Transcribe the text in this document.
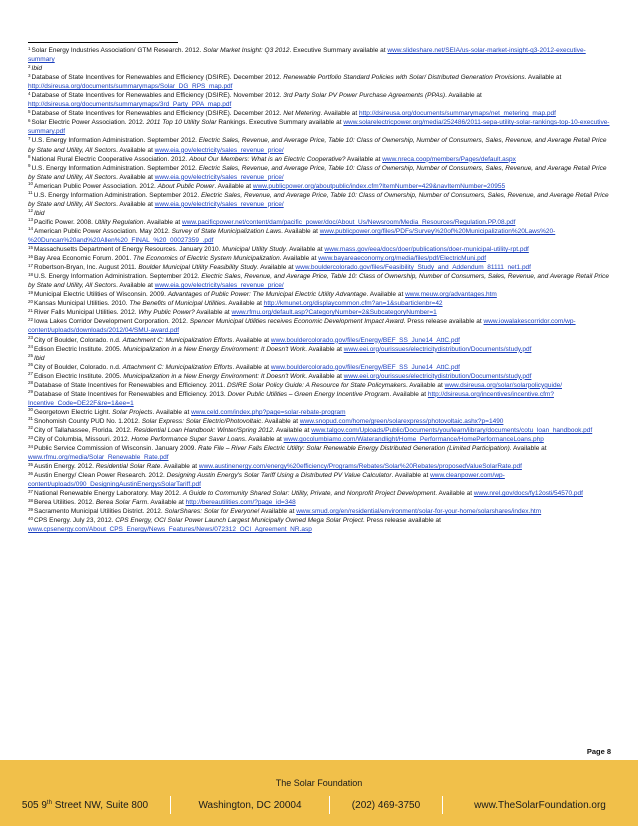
$^1$Solar Energy Industries Association/ GTM Research. 2012. Solar Market Insight: Q3 2012. Executive Summary available at www.slideshare.net/SEIA/us-solar-market-insight-q3-2012-executive-summary

$^2$Ibid

$^3$Database of State Incentives for Renewables and Efficiency (DSIRE). December 2012. Renewable Portfolio Standard Policies with Solar/ Distributed Generation Provisions. Available at http://dsireusa.org/documents/summarymaps/Solar_DG_RPS_map.pdf

$^4$Database of State Incentives for Renewables and Efficiency (DSIRE). November 2012. 3rd Party Solar PV Power Purchase Agreements (PPAs). Available at http://dsireusa.org/documents/summarymaps/3rd_Party_PPA_map.pdf

$^5$Database of State Incentives for Renewables and Efficiency (DSIRE). December 2012. Net Metering. Available at http://dsireusa.org/documents/summarymaps/net_metering_map.pdf

$^6$Solar Electric Power Association. 2012. 2011 Top 10 Utility Solar Rankings. Executive Summary available at www.solarelectricpower.org/media/252486/2011-sepa-utility-solar-rankings-top-10-executive-summary.pdf

$^7$U.S. Energy Information Administration. September 2012. Electric Sales, Revenue, and Average Price, Table 10: Class of Ownership, Number of Consumers, Sales, Revenue, and Average Retail Price by State and Utility, All Sectors. Available at www.eia.gov/electricity/sales_revenue_price/

$^8$National Rural Electric Cooperative Association. 2012. About Our Members: What is an Electric Cooperative? Available at www.nreca.coop/members/Pages/default.aspx

$^9$U.S. Energy Information Administration. September 2012. Electric Sales, Revenue, and Average Price, Table 10: Class of Ownership, Number of Consumers, Sales, Revenue, and Average Retail Price by State and Utility, All Sectors. Available at www.eia.gov/electricity/sales_revenue_price/

$^{10}$American Public Power Association. 2012. About Public Power. Available at www.publicpower.org/aboutpublic/index.cfm?ItemNumber=429&navItemNumber=20955

$^{11}$U.S. Energy Information Administration. September 2012. Electric Sales, Revenue, and Average Price, Table 10: Class of Ownership, Number of Consumers, Sales, Revenue, and Average Retail Price by State and Utility, All Sectors. Available at www.eia.gov/electricity/sales_revenue_price/

$^{12}$Ibid

$^{13}$Pacific Power. 2008. Utility Regulation. Available at www.pacificpower.net/content/dam/pacific_power/doc/About_Us/Newsroom/Media_Resources/Regulation.PP.08.pdf

$^{14}$American Public Power Association. May 2012. Survey of State Municipalization Laws. Available at www.publicpower.org/files/PDFs/Survey%20of%20Municipalization%20Laws%20-%20Duncan%20and%20Allen%20_FINAL_%20_00027359_.pdf

$^{15}$Massachusetts Department of Energy Resources. January 2010. Municipal Utility Study. Available at www.mass.gov/eea/docs/doer/publications/doer-municipal-utility-rpt.pdf

$^{16}$Bay Area Economic Forum. 2001. The Economics of Electric System Municipalization. Available at www.bayareaeconomy.org/media/files/pdf/ElectricMuni.pdf

$^{17}$Robertson-Bryan, Inc. August 2011. Boulder Municipal Utility Feasibility Study. Available at www.bouldercolorado.gov/files/Feasibility_Study_and_Addendum_81111_net1.pdf

$^{18}$U.S. Energy Information Administration. September 2012. Electric Sales, Revenue, and Average Price, Table 10: Class of Ownership, Number of Consumers, Sales, Revenue, and Average Retail Price by State and Utility, All Sectors. Available at www.eia.gov/electricity/sales_revenue_price/

$^{19}$Municipal Electric Utilities of Wisconsin. 2009. Advantages of Public Power: The Municipal Electric Utility Advantage. Available at www.meuw.org/advantages.htm

$^{20}$Kansas Municipal Utilities. 2010. The Benefits of Municipal Utilities. Available at http://kmunet.org/displaycommon.cfm?an=1&subarticlenbr=42

$^{21}$River Falls Municipal Utilities. 2012. Why Public Power? Available at www.rfmu.org/default.asp?CategoryNumber=2&SubcategoryNumber=1

$^{22}$Iowa Lakes Corridor Development Corporation. 2012. Spencer Municipal Utilities receives Economic Development Impact Award. Press release available at www.iowalakescorridor.com/wp-content/uploads/downloads/2012/04/SMU-award.pdf

$^{23}$City of Boulder, Colorado. n.d. Attachment C: Municipalization Efforts. Available at www.bouldercolorado.gov/files/Energy/BEF_SS_June14_AttC.pdf

$^{24}$Edison Electric Institute. 2005. Municipalization in a New Energy Environment: It Doesn't Work. Available at www.eei.org/ourissues/electricitydistribution/Documents/study.pdf

$^{25}$Ibid

$^{26}$City of Boulder, Colorado. n.d. Attachment C: Municipalization Efforts. Available at www.bouldercolorado.gov/files/Energy/BEF_SS_June14_AttC.pdf

$^{27}$Edison Electric Institute. 2005. Municipalization in a New Energy Environment: It Doesn't Work. Available at www.eei.org/ourissues/electricitydistribution/Documents/study.pdf

$^{28}$Database of State Incentives for Renewables and Efficiency. 2011. DSIRE Solar Policy Guide: A Resource for State Policymakers. Available at www.dsireusa.org/solar/solarpolicyguide/

$^{29}$Database of State Incentives for Renewables and Efficiency. 2013. Dover Public Utilities – Green Energy Incentive Program. Available at http://dsireusa.org/incentives/incentive.cfm?Incentive_Code=DE22F&re=1&ee=1

$^{30}$Georgetown Electric Light. Solar Projects. Available at www.celd.com/index.php?page=solar-rebate-program

$^{31}$Snohomish County PUD No. 1.2012. Solar Express: Solar Electric/Photovoltaic. Available at www.snopud.com/home/green/solarexpress/photovoltaic.ashx?p=1490

$^{32}$City of Tallahassee, Florida. 2012. Residential Loan Handbook: Winter/Spring 2012. Available at www.talgov.com/Uploads/Public/Documents/you/learn/library/documents/cotu_loan_handbook.pdf

$^{33}$City of Columbia, Missouri. 2012. Home Performance Super Saver Loans. Available at www.gocolumbiamo.com/Waterandlight/Home_Performance/HomePerformanceLoans.php

$^{34}$Public Service Commission of Wisconsin. January 2009. Rate File – River Falls Electric Utility: Solar Renewable Energy Distributed Generation (Limited Participation). Available at www.rfmu.org/media/Solar_Renewable_Rate.pdf

$^{35}$Austin Energy. 2012. Residential Solar Rate. Available at www.austinenergy.com/energy%20efficiency/Programs/Rebates/Solar%20Rebates/proposedValueSolarRate.pdf

$^{36}$Austin Energy/ Clean Power Research. 2012. Designing Austin Energy's Solar Tariff Using a Distributed PV Value Calculator. Available at www.cleanpower.com/wp-content/uploads/090_DesigningAustinEnergysSolarTariff.pdf

$^{37}$National Renewable Energy Laboratory. May 2012. A Guide to Community Shared Solar: Utility, Private, and Nonprofit Project Development. Available at www.nrel.gov/docs/fy12osti/54570.pdf

$^{38}$Berea Utilities. 2012. Berea Solar Farm. Available at http://bereautilities.com/?page_id=348

$^{39}$Sacramento Municipal Utilities District. 2012. SolarShares: Solar for Everyone! Available at www.smud.org/en/residential/environment/solar-for-your-home/solarshares/index.htm

$^{40}$CPS Energy. July 23, 2012. CPS Energy, OCI Solar Power Launch Largest Municipally Owned Mega Solar Project. Press release available at www.cpsenergy.com/About_CPS_Energy/News_Features/News/072312_OCI_Agreement_NR.asp

Page 8
The Solar Foundation
505 9th Street NW, Suite 800	Washington, DC 20004	(202) 469-3750	www.TheSolarFoundation.org
